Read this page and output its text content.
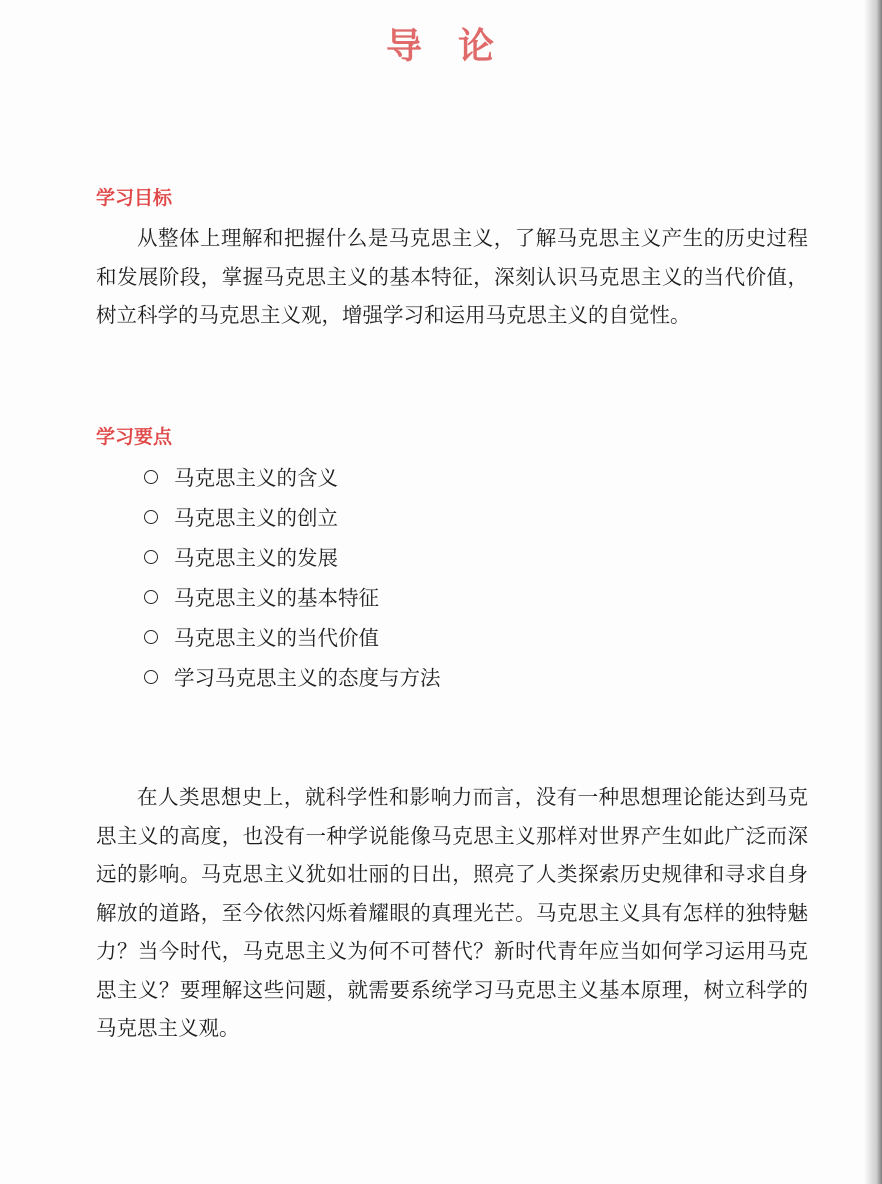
导 论
学习目标

从整体上理解和把握什么是马克思主义，了解马克思主义产生的历史过程和发展阶段，掌握马克思主义的基本特征，深刻认识马克思主义的当代价值，树立科学的马克思主义观，增强学习和运用马克思主义的自觉性。

学习要点
马克思主义的含义
马克思主义的创立
马克思主义的发展
马克思主义的基本特征
马克思主义的当代价值
学习马克思主义的态度与方法

在人类思想史上，就科学性和影响力而言，没有一种思想理论能达到马克思主义的高度，也没有一种学说能像马克思主义那样对世界产生如此广泛而深远的影响。马克思主义犹如壮丽的日出，照亮了人类探索历史规律和寻求自身解放的道路，至今依然闪烁着耀眼的真理光芒。马克思主义具有怎样的独特魅力？当今时代，马克思主义为何不可替代？新时代青年应当如何学习运用马克思主义？要理解这些问题，就需要系统学习马克思主义基本原理，树立科学的马克思主义观。
